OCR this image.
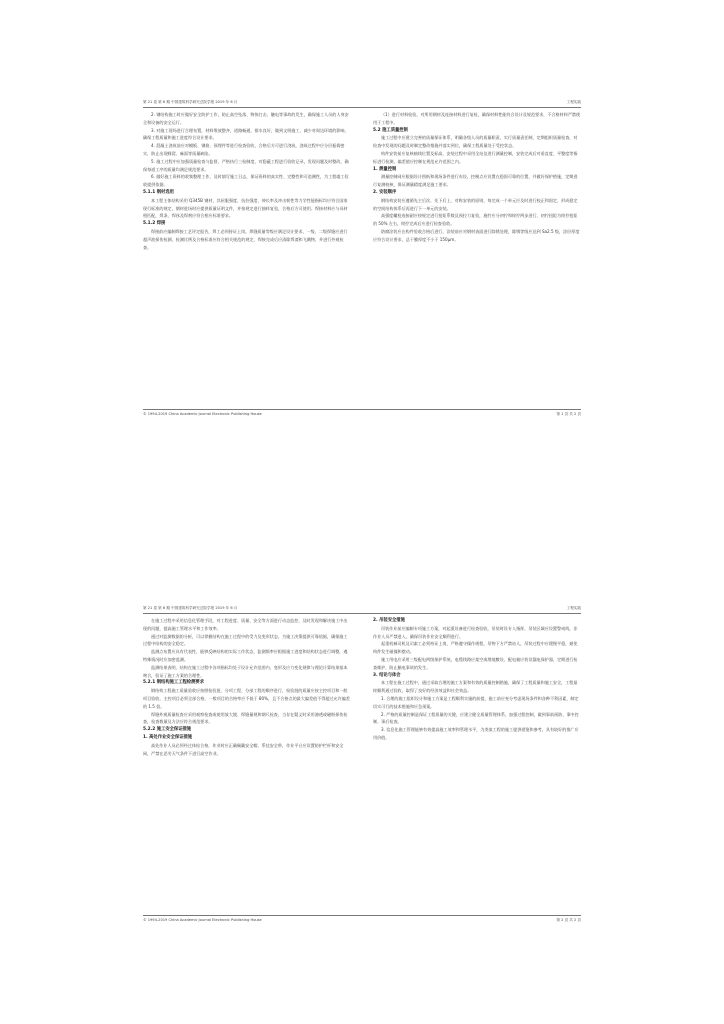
第 21 卷 第 6 期 中国建筑科学研究总院学报 2019 年 6 月	工程实践

2. 钢结构施工时应做好安全防护工作，防止高空坠落、物体打击、触电等事故的发生，确保施工人员的人身安全和设备的安全运行。

3. 对施工现场进行合理布置，材料堆放整齐，道路畅通，排水良好，做到文明施工，减少对周边环境的影响，确保工程质量和施工进度符合设计要求。

4. 混凝土浇筑前应对模板、钢筋、预埋件等进行检查验收，合格后方可进行浇筑，浇筑过程中应分层振捣密实，防止出现蜂窝、麻面等质量缺陷。

5. 施工过程中应加强质量检查与监督，严格执行三检制度，对隐蔽工程进行验收记录，发现问题及时整改，确保每道工序的质量均满足规范要求。

6. 做好施工资料的收集整理工作，及时填写施工日志，保证资料的真实性、完整性和可追溯性，为工程竣工验收提供依据。

5.1.1 钢材选用

本工程主体结构采用 Q345B 钢材，其屈服强度、抗拉强度、伸长率及冲击韧性等力学性能指标均应符合国家现行标准的规定，钢材进场时应提供质量证明文件，并按规定进行抽样复验，合格后方可使用。焊接材料应与母材相匹配，焊条、焊丝及焊剂应符合相应标准要求。

5.1.2 焊接

焊接前应编制焊接工艺评定报告，焊工必须持证上岗。焊缝质量等级应满足设计要求，一级、二级焊缝应进行超声波探伤检测，检测比例及合格标准应符合相关规范的规定，焊接完成后应清除焊渣和飞溅物，并进行外观检查。

（1）进行材料检验，对所用钢材及连接材料进行复检，确保材料性能符合设计及规范要求，不合格材料严禁使用于工程中。

5.2 施工质量控制

施工过程中应建立完善的质量保证体系，明确各级人员的质量职责，实行质量责任制，定期组织质量检查，对检查中发现的问题及时制定整改措施并落实到位，确保工程质量处于受控状态。

构件安装前应复核轴线位置及标高，安装过程中采用全站仪进行测量控制，安装完成后对垂直度、平整度等指标进行检测，偏差值应控制在规范允许范围之内。

1. 测量控制

测量控制网应根据设计图纸和现场条件进行布设，控制点应设置在稳固可靠的位置，并做好保护措施，定期进行复测校核，保证测量精度满足施工要求。

2. 安装顺序

钢结构安装应遵循先主后次、先下后上、对称安装的原则，每完成一个单元应及时进行校正和固定，形成稳定的空间结构体系后再进行下一单元的安装。

高强度螺栓连接副应按规定进行扭矩系数及预拉力复验，施拧应分初拧和终拧两步进行，初拧扭矩为终拧扭矩的 50% 左右，终拧完成后应进行检查验收。

防腐涂装应在构件验收合格后进行，涂装前应对钢材表面进行除锈处理，除锈等级应达到 Sa2.5 级，涂层厚度应符合设计要求，总干膜厚度不小于 150μm。

© 1994-2019 China Academic Journal Electronic Publishing House	第 1 页 共 2 页
第 21 卷 第 6 期 中国建筑科学研究总院学报 2019 年 6 月	工程实践

在施工过程中采用信息化管理手段，对工程进度、质量、安全等方面进行动态监控，及时发现和解决施工中出现的问题，提高施工管理水平和工作效率。

通过对监测数据的分析，可以掌握结构在施工过程中的受力及变形状态，为施工决策提供可靠依据，确保施工过程中结构的安全稳定。

监测点布置应具有代表性，能够反映结构的实际工作状态，监测频率应根据施工进度和结构状态进行调整，遇特殊情况时应加密监测。

监测结果表明，结构在施工过程中各项指标均处于设计允许范围内，变形及应力变化规律与理论计算结果基本吻合，验证了施工方案的合理性。

5.2.1 钢结构施工工程检测要求

钢结构工程施工质量验收应按照检验批、分项工程、分部工程的顺序进行，检验批的质量应按主控项目和一般项目验收，主控项目必须全部合格，一般项目的合格率应不低于 80%，且不合格点的最大偏差值不得超过允许偏差的 1.5 倍。

焊缝外观质量检查应采用观察检查或使用放大镜、焊缝量规和钢尺检查，当存在疑义时采用渗透或磁粉探伤检查，检查数量及方法应符合规范要求。

5.2.2 施工安全保证措施
1. 高处作业安全保证措施

高处作业人员必须经过体检合格，作业时应正确佩戴安全帽、系挂安全带，作业平台应设置防护栏杆和安全网，严禁在恶劣天气条件下进行高空作业。

2. 吊装安全措施

吊装作业前应编制专项施工方案，对起重设备进行检查验收，吊装时设专人指挥，吊装区域应设置警戒线，非作业人员严禁进入，确保吊装作业安全顺利进行。

起重机械司机及司索工必须持证上岗，严格遵守操作规程，吊物下方严禁站人，吊装过程中应缓慢平稳，避免构件发生碰撞和摆动。

施工用电应采用三级配电两级保护系统，电缆线路应架空或埋地敷设，配电箱应装设漏电保护器，定期进行检查维护，防止触电事故的发生。

3. 结论与体会

本工程在施工过程中，通过采取合理的施工方案和有效的质量控制措施，确保了工程质量和施工安全，工程最终顺利通过验收，取得了良好的经济效益和社会效益。

1. 合理的施工组织设计和施工方案是工程顺利实施的前提，施工前应充分考虑现场条件和各种不利因素，制定切实可行的技术措施和应急预案。

2. 严格的质量控制是保证工程质量的关键，应建立健全质量管理体系，加强过程控制，做到事前预防、事中控制、事后检查。

3. 信息化施工管理能够有效提高施工效率和管理水平，为类似工程的施工提供借鉴和参考，具有较好的推广应用价值。

© 1994-2019 China Academic Journal Electronic Publishing House	第 2 页 共 2 页
